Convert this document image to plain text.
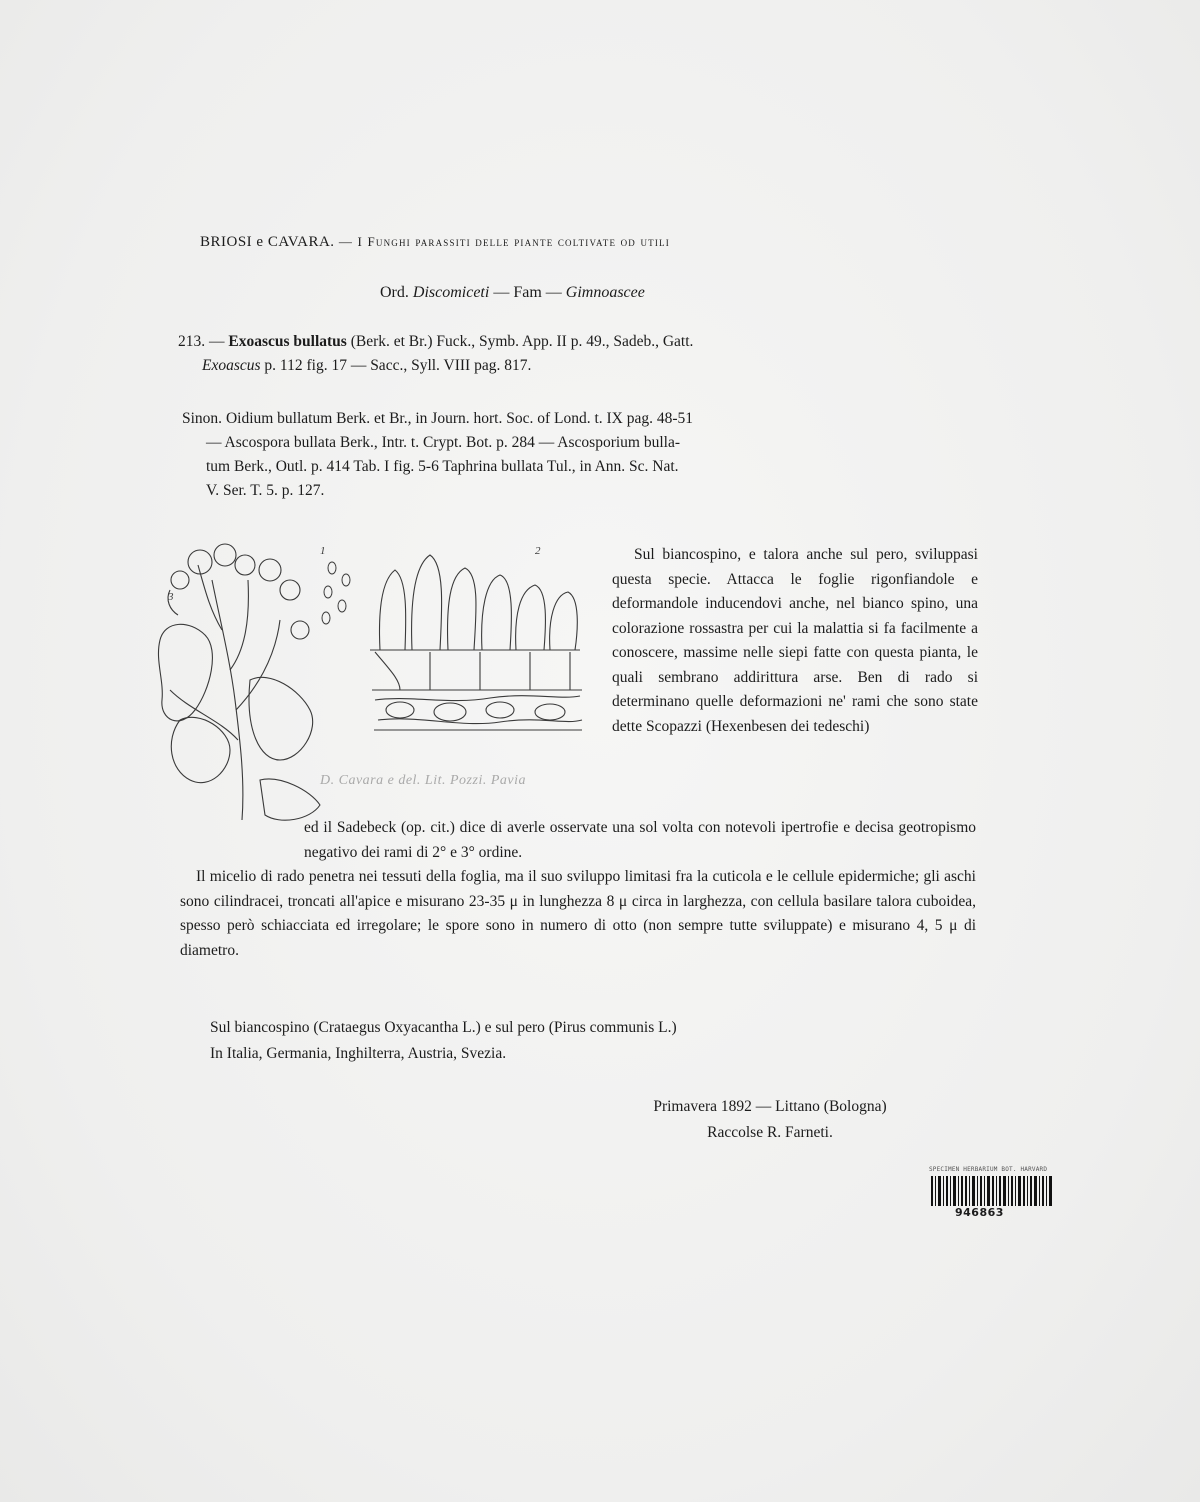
BRIOSI e CAVARA. — I Funghi parassiti delle piante coltivate od utili
Ord. Discomiceti — Fam — Gimnoascee
213. — Exoascus bullatus (Berk. et Br.) Fuck., Symb. App. II p. 49., Sadeb., Gatt.
Exoascus p. 112 fig. 17 — Sacc., Syll. VIII pag. 817.
Sinon. Oidium bullatum Berk. et Br., in Journ. hort. Soc. of Lond. t. IX pag. 48-51
— Ascospora bullata Berk., Intr. t. Crypt. Bot. p. 284 — Ascosporium bulla-
tum Berk., Outl. p. 414 Tab. I fig. 5-6 Taphrina bullata Tul., in Ann. Sc. Nat.
V. Ser. T. 5. p. 127.
1	2
3
D. Cavara e del. Lit. Pozzi. Pavia

Sul biancospino, e talora anche sul pero, sviluppasi questa specie. Attacca le foglie rigonfiandole e deformandole inducendovi anche, nel bianco spino, una colorazione rossastra per cui la malattia si fa facilmente a conoscere, massime nelle siepi fatte con questa pianta, le quali sembrano addirittura arse. Ben di rado si determinano quelle deformazioni ne' rami che sono state dette Scopazzi (Hexenbesen dei tedeschi)

ed il Sadebeck (op. cit.) dice di averle osservate una sol volta con notevoli ipertrofie e decisa geotropismo negativo dei rami di 2° e 3° ordine.

Il micelio di rado penetra nei tessuti della foglia, ma il suo sviluppo limitasi fra la cuticola e le cellule epidermiche; gli aschi sono cilindracei, troncati all'apice e misurano 23-35 μ in lunghezza 8 μ circa in larghezza, con cellula basilare talora cuboidea, spesso però schiacciata ed irregolare; le spore sono in numero di otto (non sempre tutte sviluppate) e misurano 4, 5 μ di diametro.

Sul biancospino (Crataegus Oxyacantha L.) e sul pero (Pirus communis L.)
In Italia, Germania, Inghilterra, Austria, Svezia.
Primavera 1892 — Littano (Bologna)
Raccolse R. Farneti.
SPECIMEN HERBARIUM BOT. HARVARD
946863
